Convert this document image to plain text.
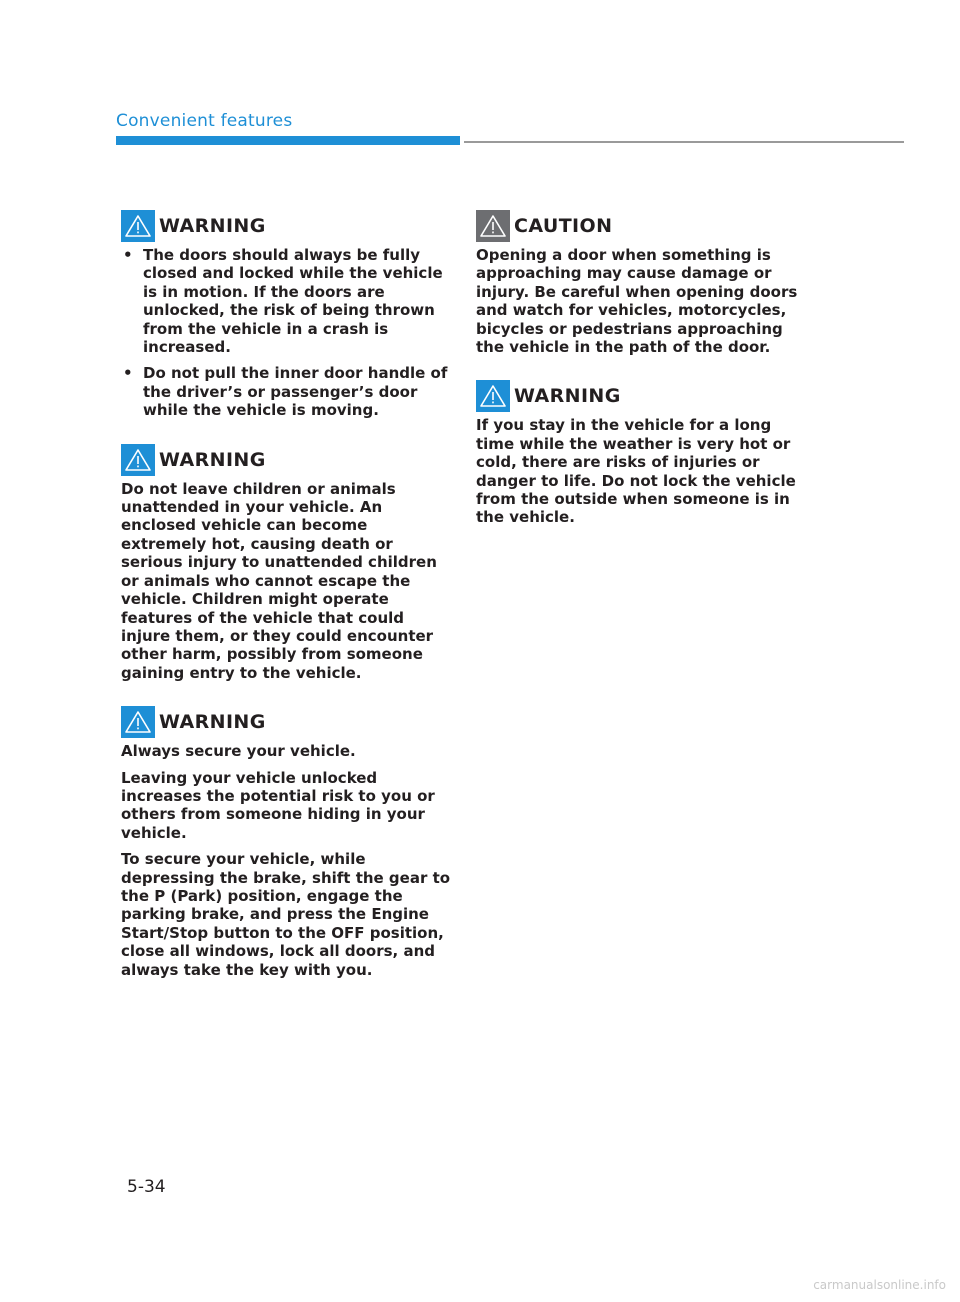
Convenient features
WARNING
• The doors should always be fully closed and locked while the vehicle is in motion. If the doors are unlocked, the risk of being thrown from the vehicle in a crash is increased.
• Do not pull the inner door handle of the driver’s or passenger’s door while the vehicle is moving.
WARNING

Do not leave children or animals unattended in your vehicle. An enclosed vehicle can become extremely hot, causing death or serious injury to unattended children or animals who cannot escape the vehicle. Children might operate features of the vehicle that could injure them, or they could encounter other harm, possibly from someone gaining entry to the vehicle.

WARNING

Always secure your vehicle.

Leaving your vehicle unlocked increases the potential risk to you or others from someone hiding in your vehicle.

To secure your vehicle, while depressing the brake, shift the gear to the P (Park) position, engage the parking brake, and press the Engine Start/Stop button to the OFF position, close all windows, lock all doors, and always take the key with you.

CAUTION

Opening a door when something is approaching may cause damage or injury. Be careful when opening doors and watch for vehicles, motorcycles, bicycles or pedestrians approaching the vehicle in the path of the door.

WARNING

If you stay in the vehicle for a long time while the weather is very hot or cold, there are risks of injuries or danger to life. Do not lock the vehicle from the outside when someone is in the vehicle.

5-34
carmanualsonline.info
